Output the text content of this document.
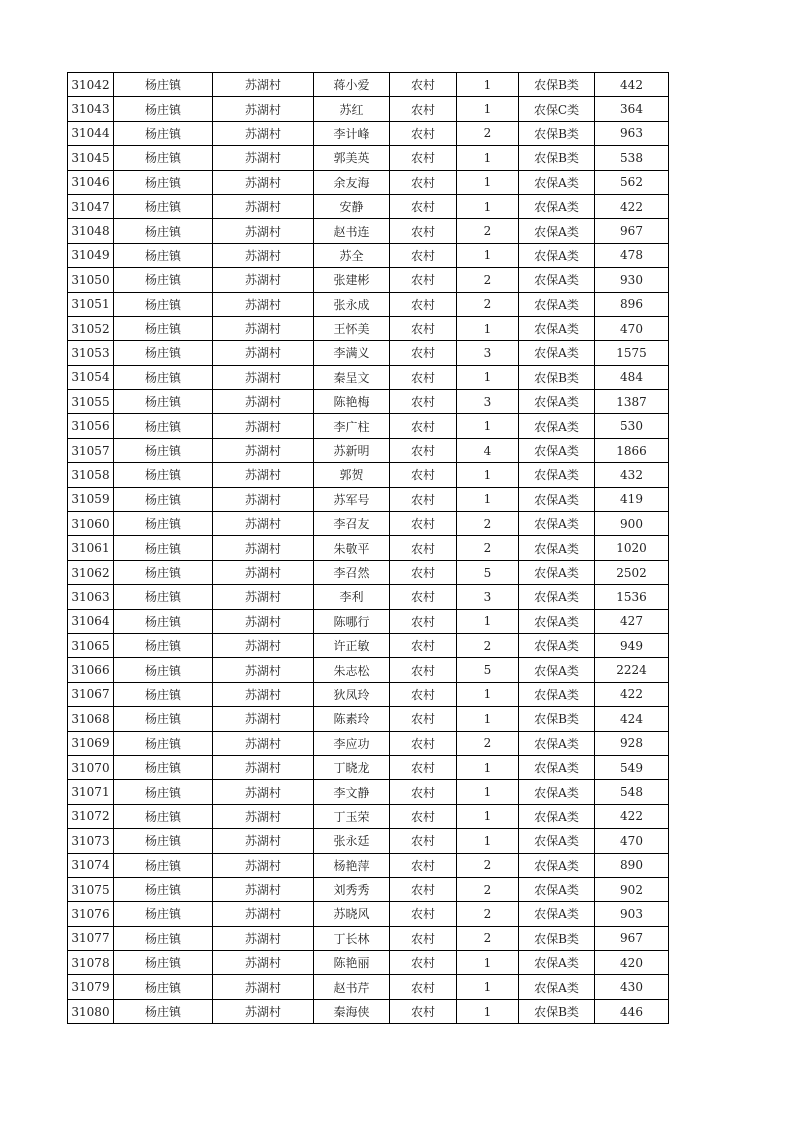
31042	杨庄镇	苏湖村	蒋小爱	农村	1	农保B类	442
31043	杨庄镇	苏湖村	苏红	农村	1	农保C类	364
31044	杨庄镇	苏湖村	李计峰	农村	2	农保B类	963
31045	杨庄镇	苏湖村	郭美英	农村	1	农保B类	538
31046	杨庄镇	苏湖村	余友海	农村	1	农保A类	562
31047	杨庄镇	苏湖村	安静	农村	1	农保A类	422
31048	杨庄镇	苏湖村	赵书连	农村	2	农保A类	967
31049	杨庄镇	苏湖村	苏全	农村	1	农保A类	478
31050	杨庄镇	苏湖村	张建彬	农村	2	农保A类	930
31051	杨庄镇	苏湖村	张永成	农村	2	农保A类	896
31052	杨庄镇	苏湖村	王怀美	农村	1	农保A类	470
31053	杨庄镇	苏湖村	李满义	农村	3	农保A类	1575
31054	杨庄镇	苏湖村	秦呈文	农村	1	农保B类	484
31055	杨庄镇	苏湖村	陈艳梅	农村	3	农保A类	1387
31056	杨庄镇	苏湖村	李广柱	农村	1	农保A类	530
31057	杨庄镇	苏湖村	苏新明	农村	4	农保A类	1866
31058	杨庄镇	苏湖村	郭贺	农村	1	农保A类	432
31059	杨庄镇	苏湖村	苏军号	农村	1	农保A类	419
31060	杨庄镇	苏湖村	李召友	农村	2	农保A类	900
31061	杨庄镇	苏湖村	朱敬平	农村	2	农保A类	1020
31062	杨庄镇	苏湖村	李召然	农村	5	农保A类	2502
31063	杨庄镇	苏湖村	李利	农村	3	农保A类	1536
31064	杨庄镇	苏湖村	陈哪行	农村	1	农保A类	427
31065	杨庄镇	苏湖村	许正敏	农村	2	农保A类	949
31066	杨庄镇	苏湖村	朱志松	农村	5	农保A类	2224
31067	杨庄镇	苏湖村	狄凤玲	农村	1	农保A类	422
31068	杨庄镇	苏湖村	陈素玲	农村	1	农保B类	424
31069	杨庄镇	苏湖村	李应功	农村	2	农保A类	928
31070	杨庄镇	苏湖村	丁晓龙	农村	1	农保A类	549
31071	杨庄镇	苏湖村	李文静	农村	1	农保A类	548
31072	杨庄镇	苏湖村	丁玉荣	农村	1	农保A类	422
31073	杨庄镇	苏湖村	张永廷	农村	1	农保A类	470
31074	杨庄镇	苏湖村	杨艳萍	农村	2	农保A类	890
31075	杨庄镇	苏湖村	刘秀秀	农村	2	农保A类	902
31076	杨庄镇	苏湖村	苏晓风	农村	2	农保A类	903
31077	杨庄镇	苏湖村	丁长林	农村	2	农保B类	967
31078	杨庄镇	苏湖村	陈艳丽	农村	1	农保A类	420
31079	杨庄镇	苏湖村	赵书芹	农村	1	农保A类	430
31080	杨庄镇	苏湖村	秦海侠	农村	1	农保B类	446
